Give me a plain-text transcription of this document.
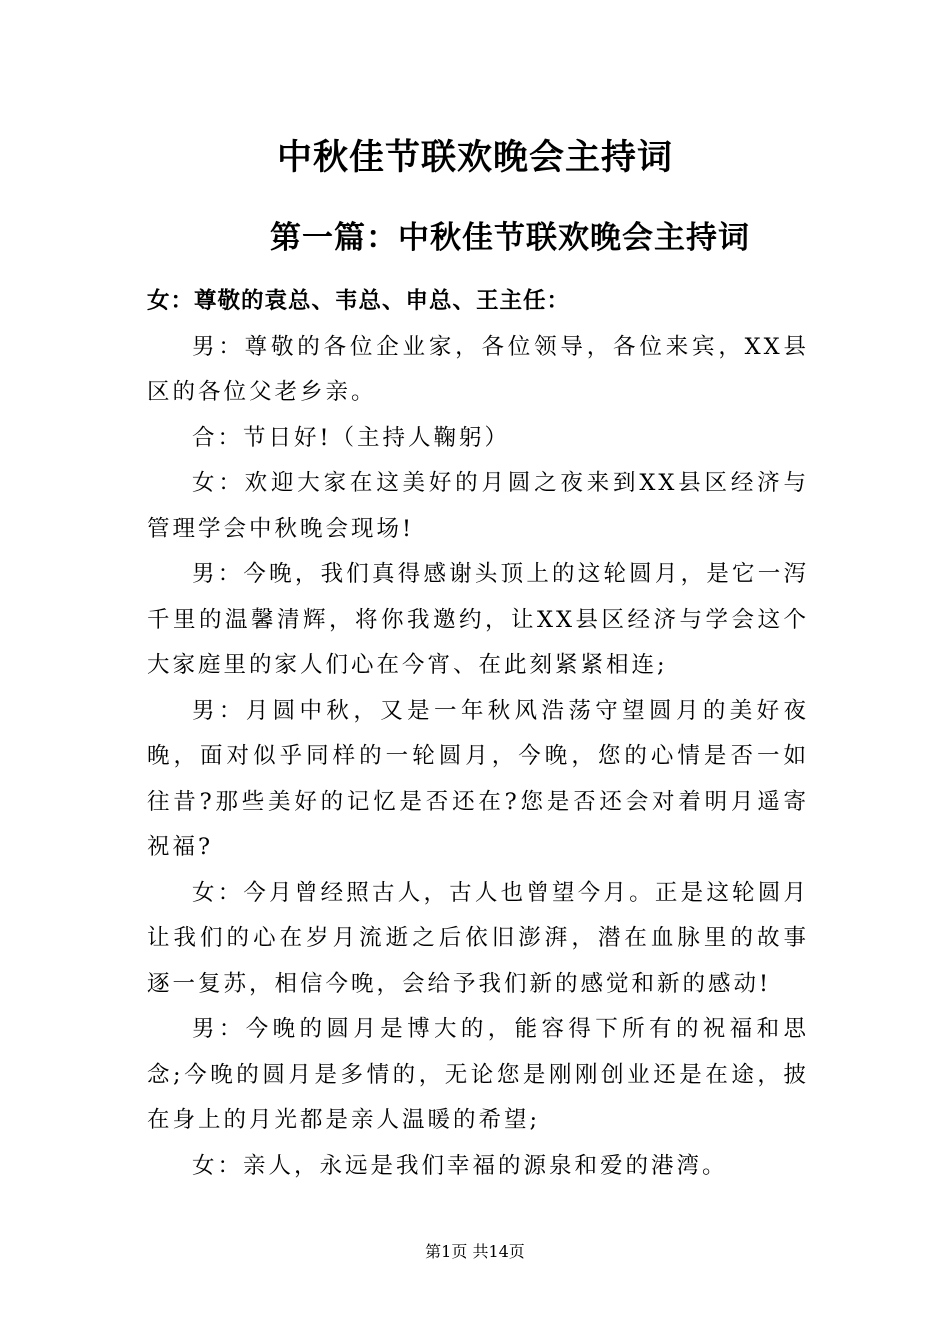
中秋佳节联欢晚会主持词
第一篇：中秋佳节联欢晚会主持词

女：尊敬的袁总、韦总、申总、王主任：

男：尊敬的各位企业家，各位领导，各位来宾，XX县区的各位父老乡亲。

合：节日好!（主持人鞠躬）

女：欢迎大家在这美好的月圆之夜来到XX县区经济与管理学会中秋晚会现场!

男：今晚，我们真得感谢头顶上的这轮圆月，是它一泻千里的温馨清辉，将你我邀约，让XX县区经济与学会这个大家庭里的家人们心在今宵、在此刻紧紧相连;

男：月圆中秋，又是一年秋风浩荡守望圆月的美好夜晚，面对似乎同样的一轮圆月，今晚，您的心情是否一如往昔?那些美好的记忆是否还在?您是否还会对着明月遥寄祝福?

女：今月曾经照古人，古人也曾望今月。正是这轮圆月让我们的心在岁月流逝之后依旧澎湃，潜在血脉里的故事逐一复苏，相信今晚，会给予我们新的感觉和新的感动!

男：今晚的圆月是博大的，能容得下所有的祝福和思念;今晚的圆月是多情的，无论您是刚刚创业还是在途，披在身上的月光都是亲人温暖的希望;

女：亲人，永远是我们幸福的源泉和爱的港湾。

第1页 共14页
